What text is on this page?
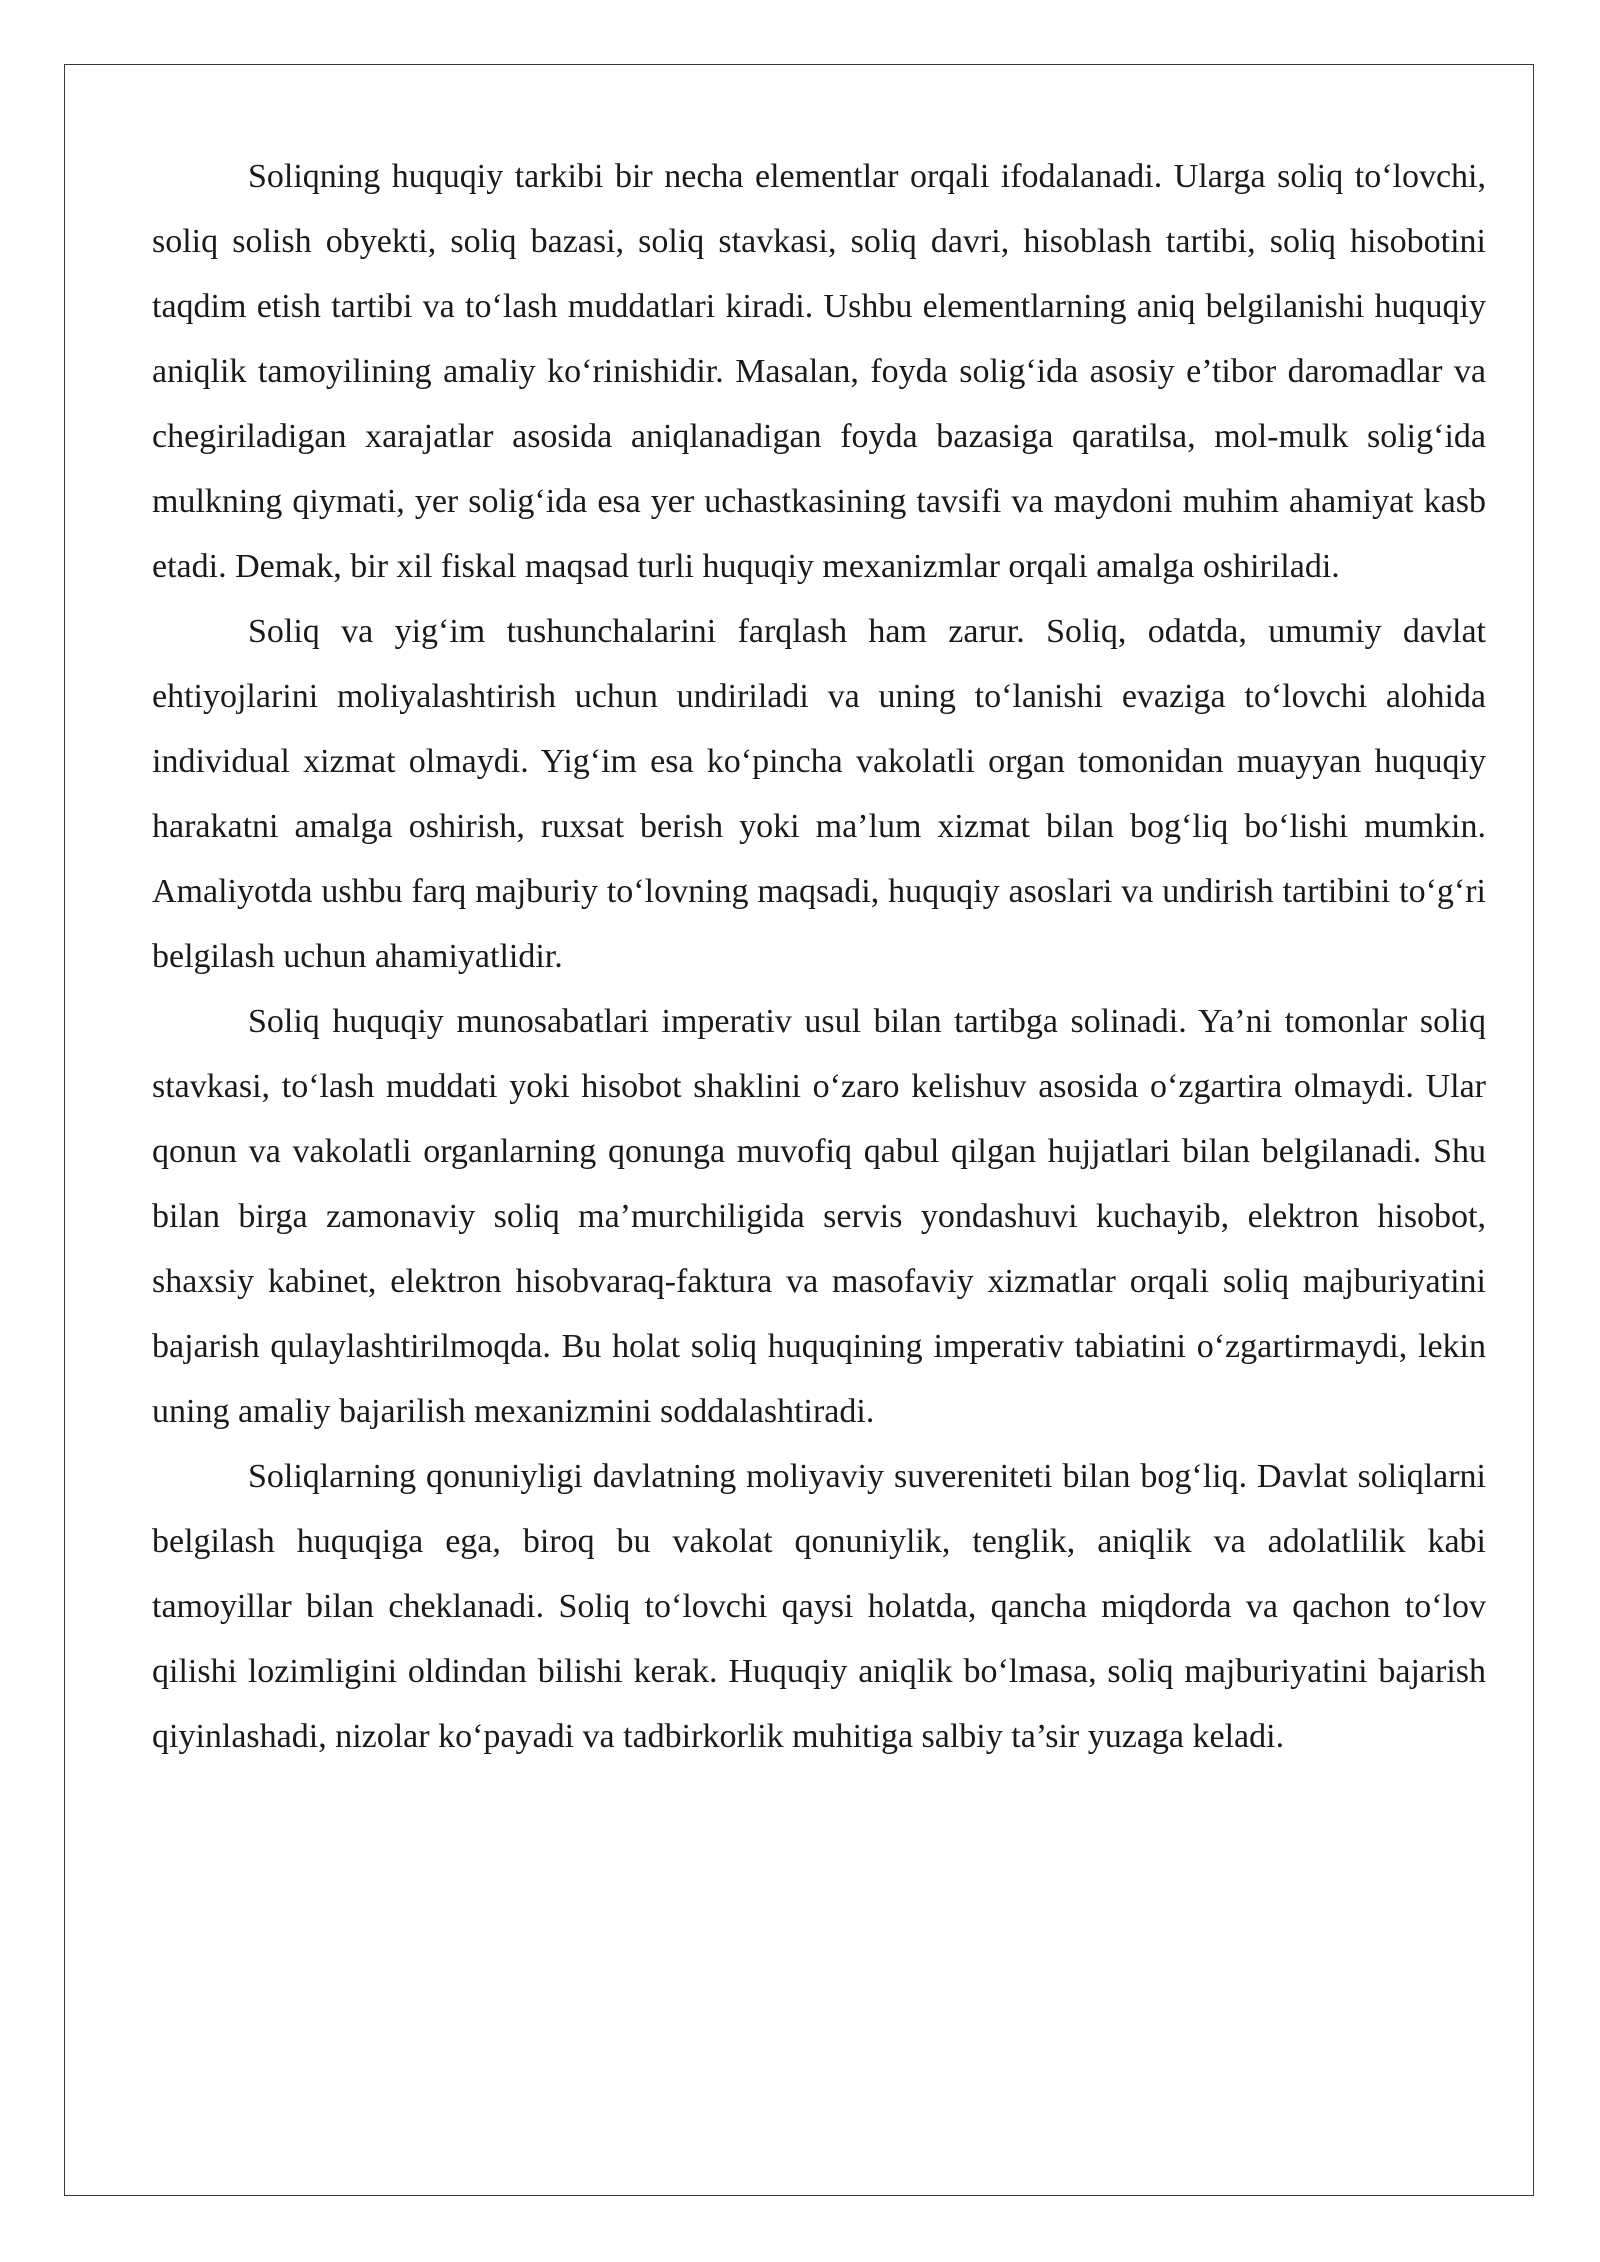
Soliqning huquqiy tarkibi bir necha elementlar orqali ifodalanadi. Ularga soliq to‘lovchi, soliq solish obyekti, soliq bazasi, soliq stavkasi, soliq davri, hisoblash tartibi, soliq hisobotini taqdim etish tartibi va to‘lash muddatlari kiradi. Ushbu elementlarning aniq belgilanishi huquqiy aniqlik tamoyilining amaliy ko‘rinishidir. Masalan, foyda solig‘ida asosiy e’tibor daromadlar va chegiriladigan xarajatlar asosida aniqlanadigan foyda bazasiga qaratilsa, mol-mulk solig‘ida mulkning qiymati, yer solig‘ida esa yer uchastkasining tavsifi va maydoni muhim ahamiyat kasb etadi. Demak, bir xil fiskal maqsad turli huquqiy mexanizmlar orqali amalga oshiriladi.

Soliq va yig‘im tushunchalarini farqlash ham zarur. Soliq, odatda, umumiy davlat ehtiyojlarini moliyalashtirish uchun undiriladi va uning to‘lanishi evaziga to‘lovchi alohida individual xizmat olmaydi. Yig‘im esa ko‘pincha vakolatli organ tomonidan muayyan huquqiy harakatni amalga oshirish, ruxsat berish yoki ma’lum xizmat bilan bog‘liq bo‘lishi mumkin. Amaliyotda ushbu farq majburiy to‘lovning maqsadi, huquqiy asoslari va undirish tartibini to‘g‘ri belgilash uchun ahamiyatlidir.

Soliq huquqiy munosabatlari imperativ usul bilan tartibga solinadi. Ya’ni tomonlar soliq stavkasi, to‘lash muddati yoki hisobot shaklini o‘zaro kelishuv asosida o‘zgartira olmaydi. Ular qonun va vakolatli organlarning qonunga muvofiq qabul qilgan hujjatlari bilan belgilanadi. Shu bilan birga zamonaviy soliq ma’murchiligida servis yondashuvi kuchayib, elektron hisobot, shaxsiy kabinet, elektron hisobvaraq-faktura va masofaviy xizmatlar orqali soliq majburiyatini bajarish qulaylashtirilmoqda. Bu holat soliq huquqining imperativ tabiatini o‘zgartirmaydi, lekin uning amaliy bajarilish mexanizmini soddalashtiradi.

Soliqlarning qonuniyligi davlatning moliyaviy suvereniteti bilan bog‘liq. Davlat soliqlarni belgilash huquqiga ega, biroq bu vakolat qonuniylik, tenglik, aniqlik va adolatlilik kabi tamoyillar bilan cheklanadi. Soliq to‘lovchi qaysi holatda, qancha miqdorda va qachon to‘lov qilishi lozimligini oldindan bilishi kerak. Huquqiy aniqlik bo‘lmasa, soliq majburiyatini bajarish qiyinlashadi, nizolar ko‘payadi va tadbirkorlik muhitiga salbiy ta’sir yuzaga keladi.
